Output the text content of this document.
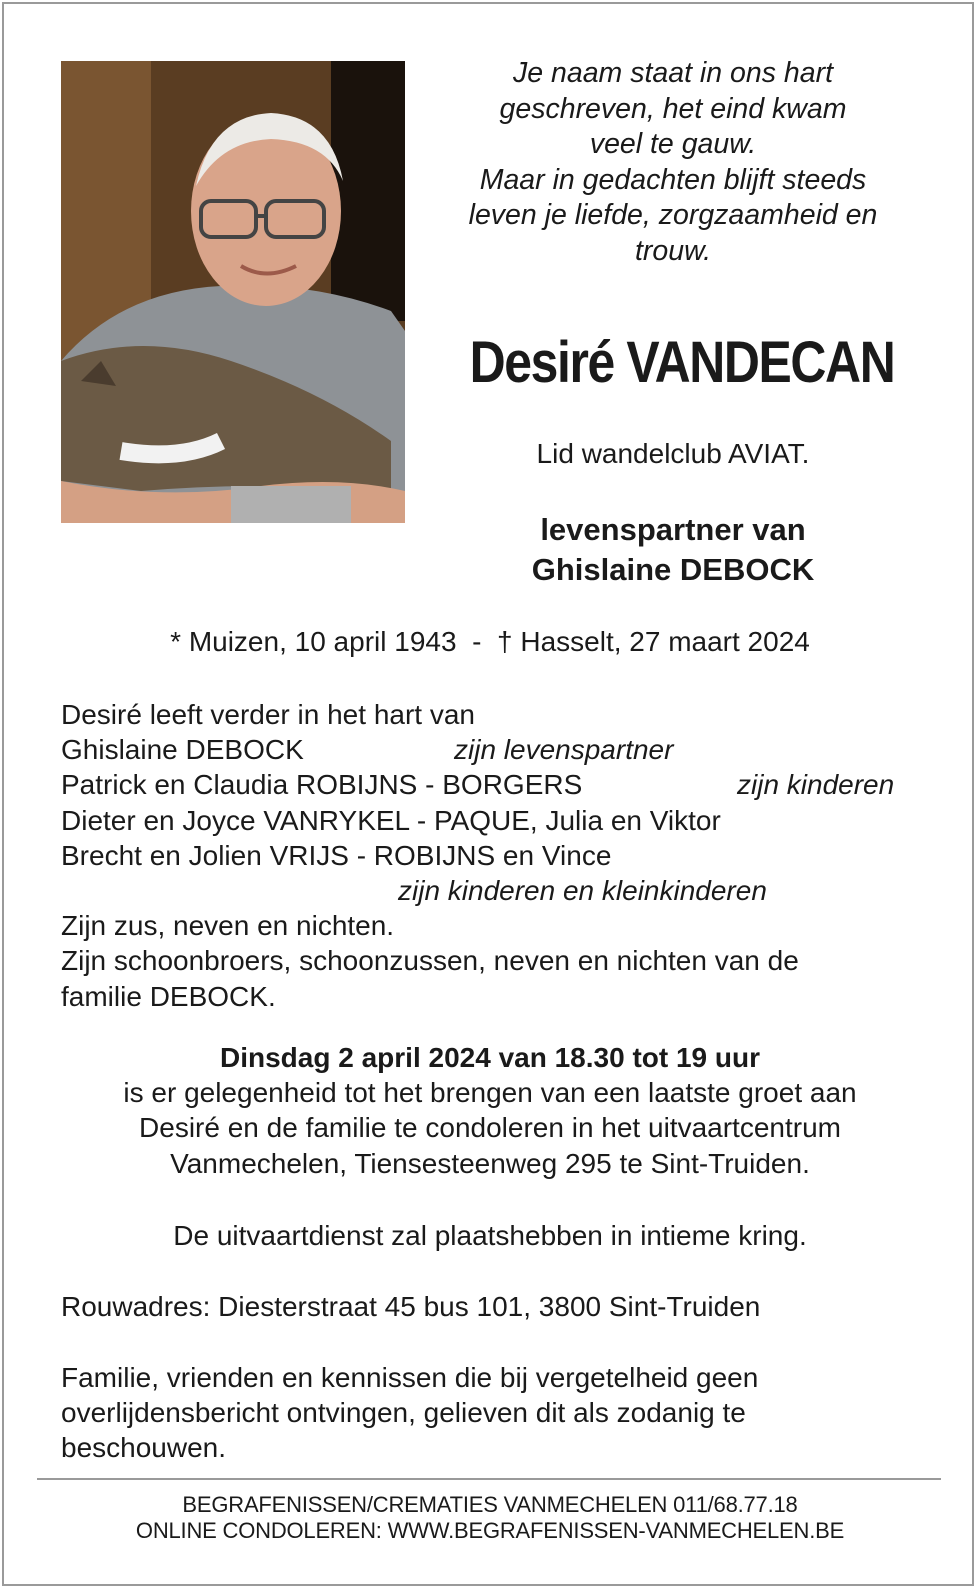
Je naam staat in ons hart
geschreven, het eind kwam
veel te gauw.
Maar in gedachten blijft steeds
leven je liefde, zorgzaamheid en
trouw.
Desiré VANDECAN
Lid wandelclub AVIAT.
levenspartner van
Ghislaine DEBOCK
* Muizen, 10 april 1943 - † Hasselt, 27 maart 2024
Desiré leeft verder in het hart van
Ghislaine DEBOCK	zijn levenspartner
Patrick en Claudia ROBIJNS - BORGERS	zijn kinderen
Dieter en Joyce VANRYKEL - PAQUE, Julia en Viktor
Brecht en Jolien VRIJS - ROBIJNS en Vince
zijn kinderen en kleinkinderen
Zijn zus, neven en nichten.
Zijn schoonbroers, schoonzussen, neven en nichten van de
familie DEBOCK.
Dinsdag 2 april 2024 van 18.30 tot 19 uur
is er gelegenheid tot het brengen van een laatste groet aan
Desiré en de familie te condoleren in het uitvaartcentrum
Vanmechelen, Tiensesteenweg 295 te Sint-Truiden.
De uitvaartdienst zal plaatshebben in intieme kring.
Rouwadres: Diesterstraat 45 bus 101, 3800 Sint-Truiden
Familie, vrienden en kennissen die bij vergetelheid geen
overlijdensbericht ontvingen, gelieven dit als zodanig te
beschouwen.
BEGRAFENISSEN/CREMATIES VANMECHELEN 011/68.77.18
ONLINE CONDOLEREN: WWW.BEGRAFENISSEN-VANMECHELEN.BE
